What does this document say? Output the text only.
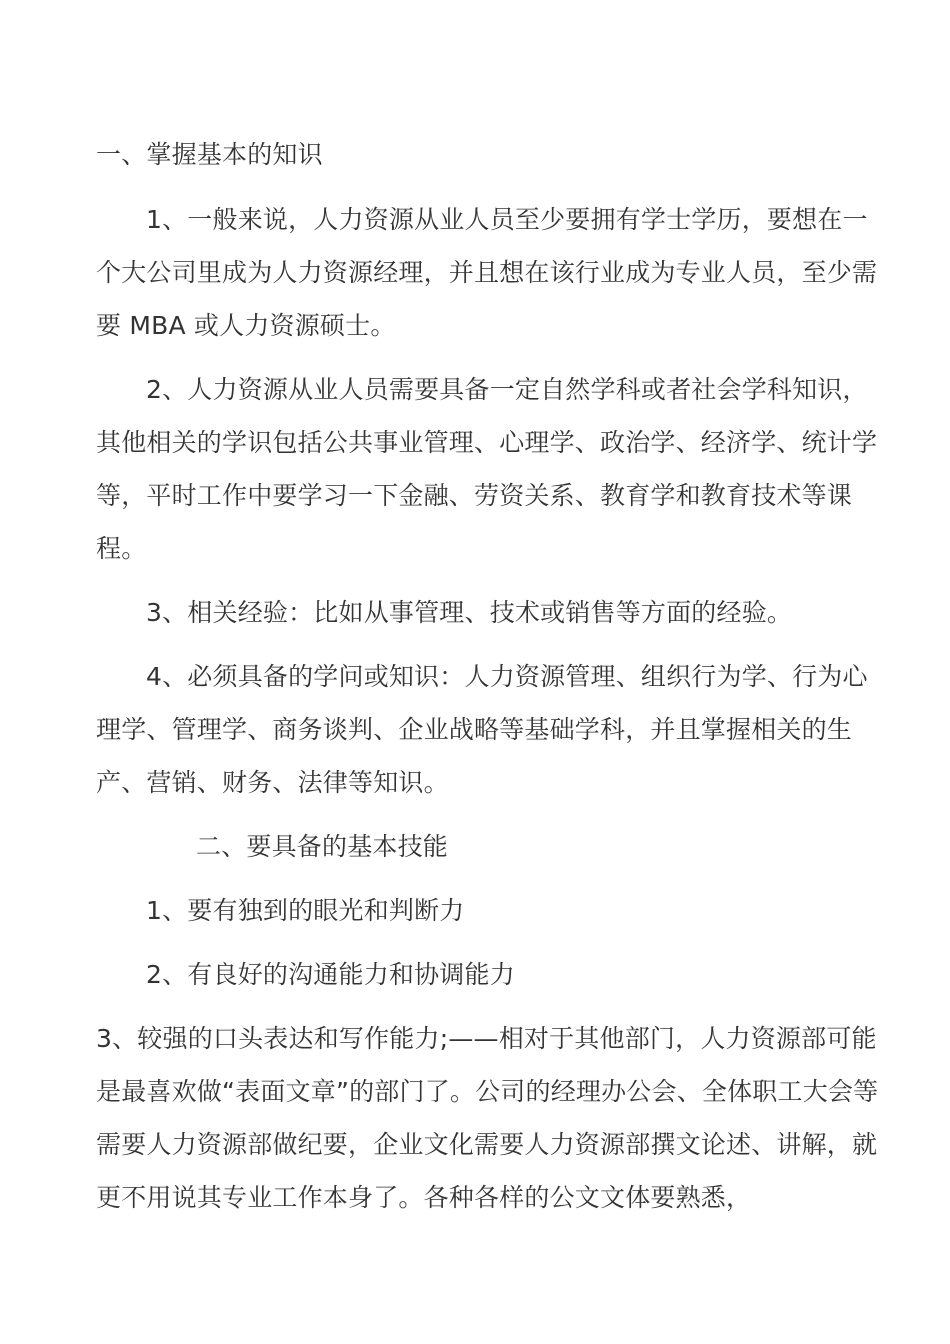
一、掌握基本的知识

1、一般来说，人力资源从业人员至少要拥有学士学历，要想在一个大公司里成为人力资源经理，并且想在该行业成为专业人员，至少需要 MBA 或人力资源硕士。

2、人力资源从业人员需要具备一定自然学科或者社会学科知识，其他相关的学识包括公共事业管理、心理学、政治学、经济学、统计学等，平时工作中要学习一下金融、劳资关系、教育学和教育技术等课程。

3、相关经验：比如从事管理、技术或销售等方面的经验。

4、必须具备的学问或知识：人力资源管理、组织行为学、行为心理学、管理学、商务谈判、企业战略等基础学科，并且掌握相关的生产、营销、财务、法律等知识。

二、要具备的基本技能

1、要有独到的眼光和判断力

2、有良好的沟通能力和协调能力

3、较强的口头表达和写作能力;——相对于其他部门，人力资源部可能是最喜欢做“表面文章”的部门了。公司的经理办公会、全体职工大会等需要人力资源部做纪要，企业文化需要人力资源部撰文论述、讲解，就更不用说其专业工作本身了。各种各样的公文文体要熟悉，
